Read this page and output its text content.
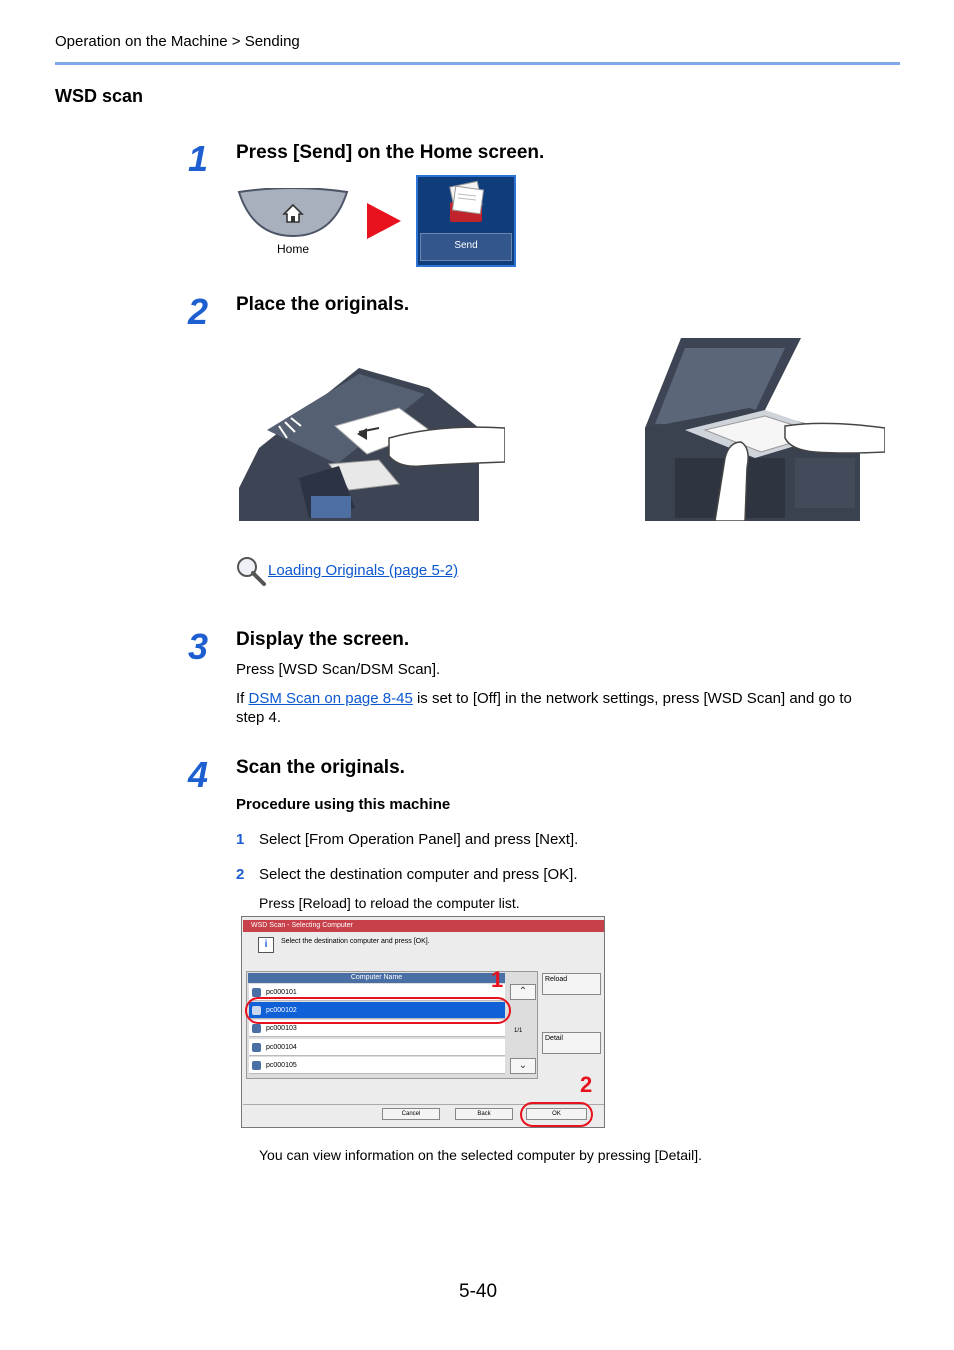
Operation on the Machine > Sending
WSD scan
1 Press [Send] on the Home screen.
Home	Send
2 Place the originals.
Loading Originals (page 5-2)
3 Display the screen.
Press [WSD Scan/DSM Scan].
If DSM Scan on page 8-45 is set to [Off] in the network settings, press [WSD Scan] and go to
step 4.
4 Scan the originals.
Procedure using this machine
1 Select [From Operation Panel] and press [Next].
2 Select the destination computer and press [OK].
Press [Reload] to reload the computer list.
WSD Scan - Selecting Computer
i	Select the destination computer and press [OK].
Computer Name
pc000101
pc000102
pc000103
pc000104
pc000105
⌃
1/1
⌄
Reload
Detail
Cancel	Back	OK
1
2
You can view information on the selected computer by pressing [Detail].
5-40
